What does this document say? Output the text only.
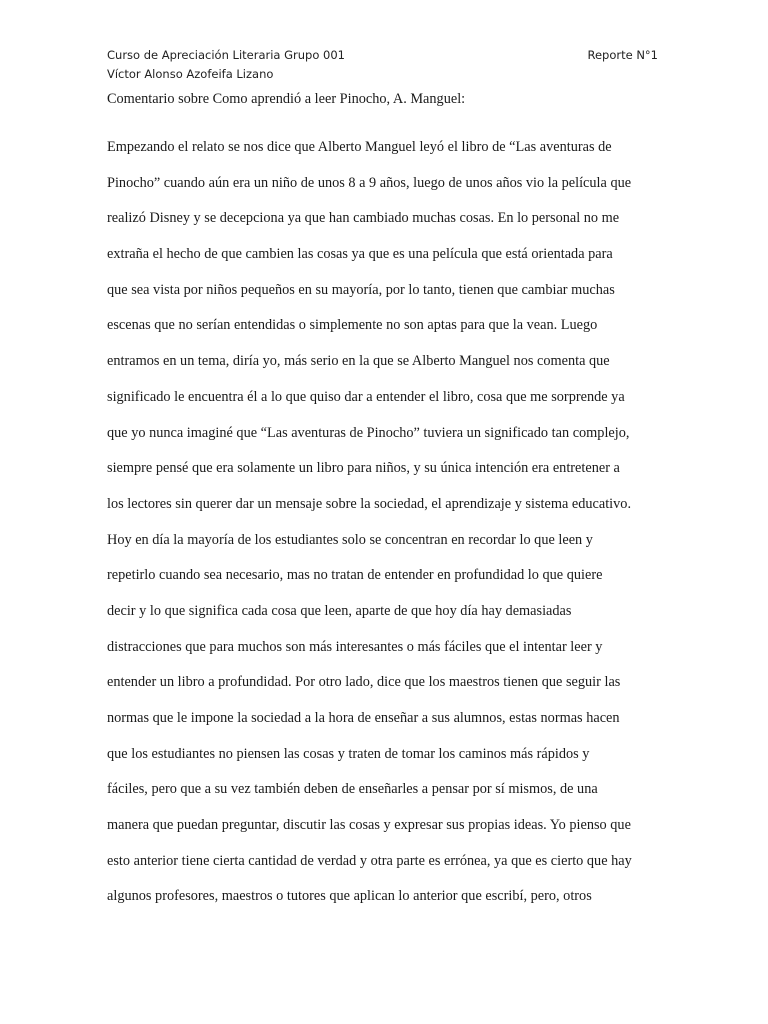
Curso de Apreciación Literaria Grupo 001	Reporte N°1
Víctor Alonso Azofeifa Lizano
Comentario sobre Como aprendió a leer Pinocho, A. Manguel:
Empezando el relato se nos dice que Alberto Manguel leyó el libro de “Las aventuras de
Pinocho” cuando aún era un niño de unos 8 a 9 años, luego de unos años vio la película que
realizó Disney y se decepciona ya que han cambiado muchas cosas. En lo personal no me
extraña el hecho de que cambien las cosas ya que es una película que está orientada para
que sea vista por niños pequeños en su mayoría, por lo tanto, tienen que cambiar muchas
escenas que no serían entendidas o simplemente no son aptas para que la vean. Luego
entramos en un tema, diría yo, más serio en la que se Alberto Manguel nos comenta que
significado le encuentra él a lo que quiso dar a entender el libro, cosa que me sorprende ya
que yo nunca imaginé que “Las aventuras de Pinocho” tuviera un significado tan complejo,
siempre pensé que era solamente un libro para niños, y su única intención era entretener a
los lectores sin querer dar un mensaje sobre la sociedad, el aprendizaje y sistema educativo.
Hoy en día la mayoría de los estudiantes solo se concentran en recordar lo que leen y
repetirlo cuando sea necesario, mas no tratan de entender en profundidad lo que quiere
decir y lo que significa cada cosa que leen, aparte de que hoy día hay demasiadas
distracciones que para muchos son más interesantes o más fáciles que el intentar leer y
entender un libro a profundidad. Por otro lado, dice que los maestros tienen que seguir las
normas que le impone la sociedad a la hora de enseñar a sus alumnos, estas normas hacen
que los estudiantes no piensen las cosas y traten de tomar los caminos más rápidos y
fáciles, pero que a su vez también deben de enseñarles a pensar por sí mismos, de una
manera que puedan preguntar, discutir las cosas y expresar sus propias ideas. Yo pienso que
esto anterior tiene cierta cantidad de verdad y otra parte es errónea, ya que es cierto que hay
algunos profesores, maestros o tutores que aplican lo anterior que escribí, pero, otros
